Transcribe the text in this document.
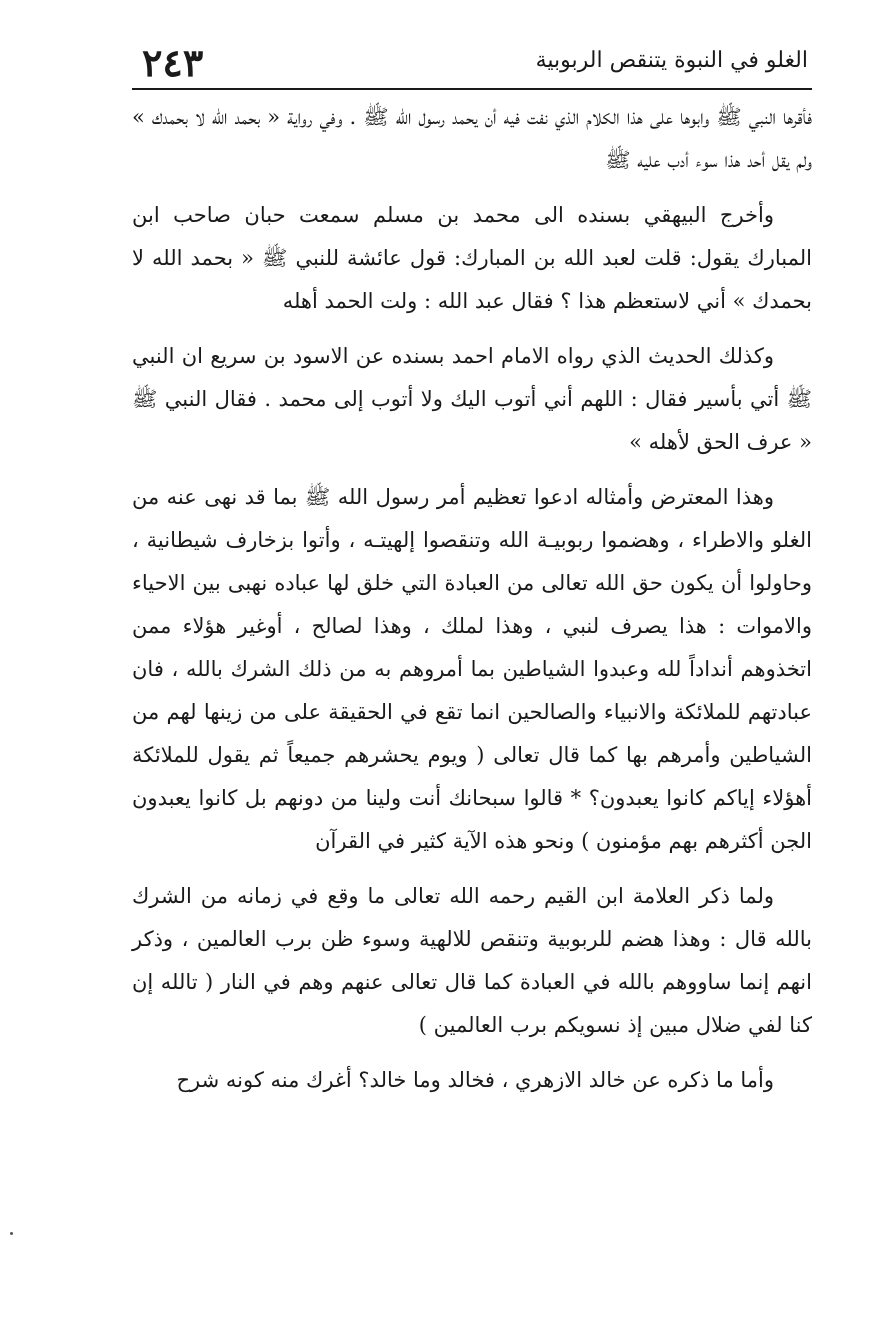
الغلو في النبوة يتنقص الربوبية
٢٤٣

فأقرها النبي ﷺ وابوها على هذا الكلام الذي نفت فيه أن يحمد رسول الله ﷺ . وفي رواية « بحمد الله لا بحمدك » ولم يقل أحد هذا سوء أدب عليه ﷺ

وأخرج البيهقي بسنده الى محمد بن مسلم سمعت حبان صاحب ابن المبارك يقول: قلت لعبد الله بن المبارك: قول عائشة للنبي ﷺ « بحمد الله لا بحمدك » أني لاستعظم هذا ؟ فقال عبد الله : ولت الحمد أهله

وكذلك الحديث الذي رواه الامام احمد بسنده عن الاسود بن سريع ان النبي ﷺ أتي بأسير فقال : اللهم أني أتوب اليك ولا أتوب إلى محمد . فقال النبي ﷺ « عرف الحق لأهله »

وهذا المعترض وأمثاله ادعوا تعظيم أمر رسول الله ﷺ بما قد نهى عنه من الغلو والاطراء ، وهضموا ربوبيـة الله وتنقصوا إلهيتـه ، وأتوا بزخارف شيطانية ، وحاولوا أن يكون حق الله تعالى من العبادة التي خلق لها عباده نهبى بين الاحياء والاموات : هذا يصرف لنبي ، وهذا لملك ، وهذا لصالح ، أوغير هؤلاء ممن اتخذوهم أنداداً لله وعبدوا الشياطين بما أمروهم به من ذلك الشرك بالله ، فان عبادتهم للملائكة والانبياء والصالحين انما تقع في الحقيقة على من زينها لهم من الشياطين وأمرهم بها كما قال تعالى ( ويوم يحشرهم جميعاً ثم يقول للملائكة أهؤلاء إياكم كانوا يعبدون؟ * قالوا سبحانك أنت ولينا من دونهم بل كانوا يعبدون الجن أكثرهم بهم مؤمنون ) ونحو هذه الآية كثير في القرآن

ولما ذكر العلامة ابن القيم رحمه الله تعالى ما وقع في زمانه من الشرك بالله قال : وهذا هضم للربوبية وتنقص للالهية وسوء ظن برب العالمين ، وذكر انهم إنما ساووهم بالله في العبادة كما قال تعالى عنهم وهم في النار ( تالله إن كنا لفي ضلال مبين إذ نسويكم برب العالمين )

وأما ما ذكره عن خالد الازهري ، فخالد وما خالد؟ أغرك منه كونه شرح
